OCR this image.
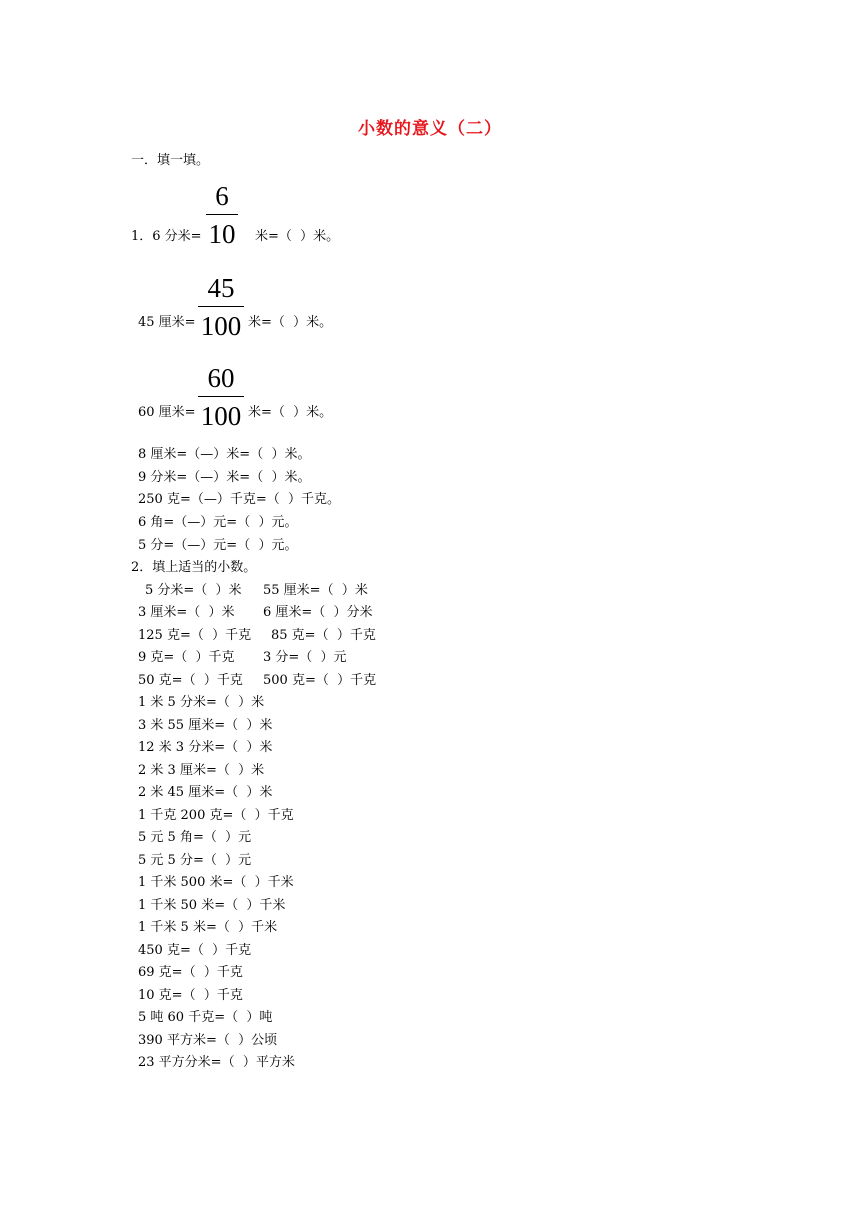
小数的意义（二）
一．填一填。
1．6 分米=
6
10 米=（  ）米。
45 厘米=
45
100 米=（  ）米。
60 厘米=
60
100 米=（  ）米。
8 厘米=（—）米=（  ）米。
9 分米=（—）米=（  ）米。
250 克=（—）千克=（  ）千克。
6 角=（—）元=（  ）元。
5 分=（—）元=（  ）元。
2．填上适当的小数。
5 分米=（  ）米 55 厘米=（  ）米
3 厘米=（  ）米 6 厘米=（  ）分米
125 克=（  ）千克 85 克=（  ）千克
9 克=（  ）千克 3 分=（  ）元
50 克=（  ）千克 500 克=（  ）千克
1 米 5 分米=（  ）米
3 米 55 厘米=（  ）米
12 米 3 分米=（  ）米
2 米 3 厘米=（  ）米
2 米 45 厘米=（  ）米
1 千克 200 克=（  ）千克
5 元 5 角=（  ）元
5 元 5 分=（  ）元
1 千米 500 米=（  ）千米
1 千米 50 米=（  ）千米
1 千米 5 米=（  ）千米
450 克=（  ）千克
69 克=（  ）千克
10 克=（  ）千克
5 吨 60 千克=（  ）吨
390 平方米=（  ）公顷
23 平方分米=（  ）平方米
